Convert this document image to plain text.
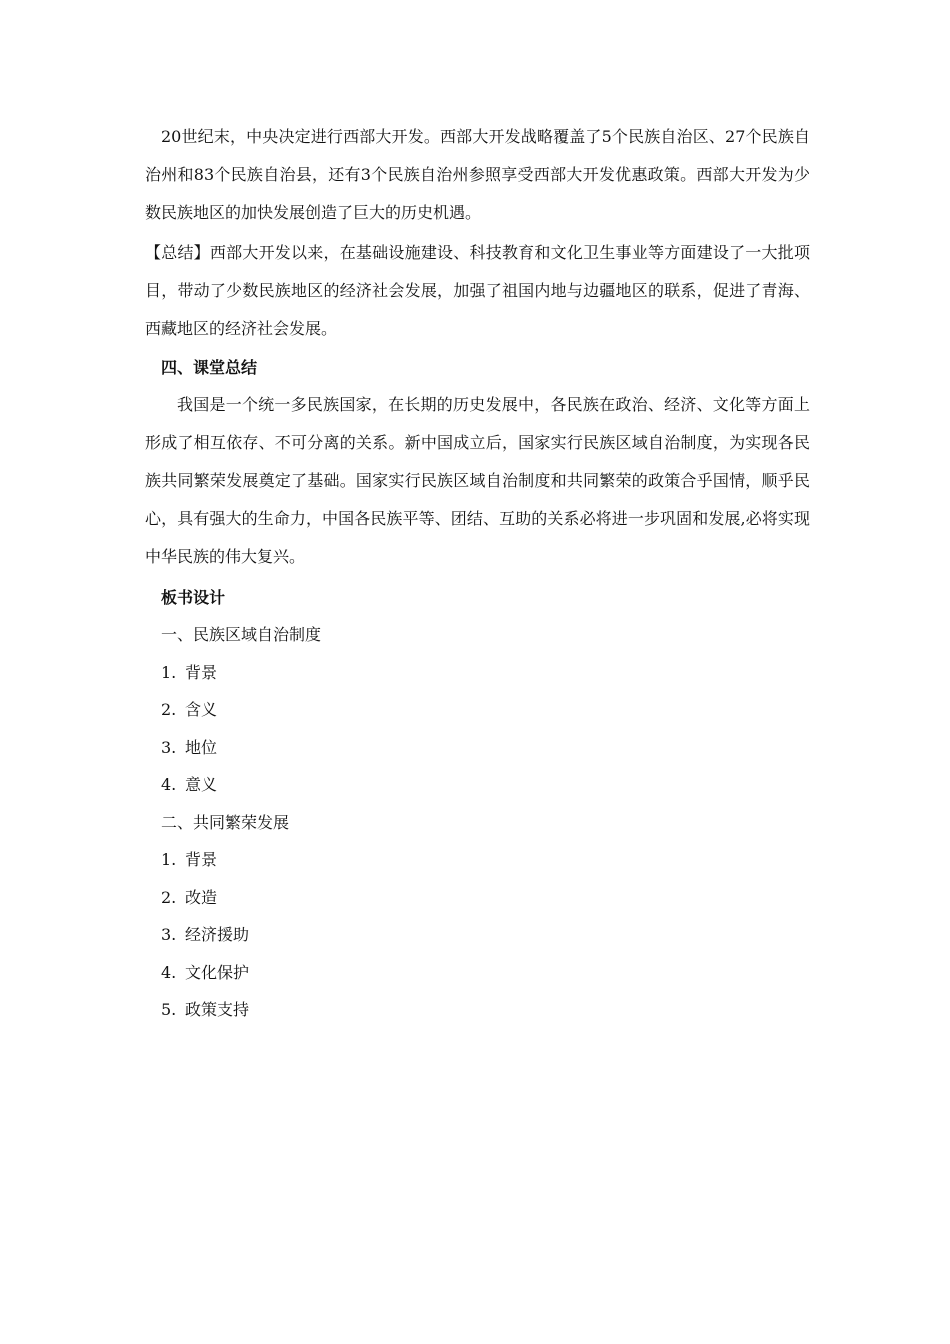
20世纪末，中央决定进行西部大开发。西部大开发战略覆盖了5个民族自治区、27个民族自治州和83个民族自治县，还有3个民族自治州参照享受西部大开发优惠政策。西部大开发为少数民族地区的加快发展创造了巨大的历史机遇。

【总结】西部大开发以来，在基础设施建设、科技教育和文化卫生事业等方面建设了一大批项目，带动了少数民族地区的经济社会发展，加强了祖国内地与边疆地区的联系，促进了青海、西藏地区的经济社会发展。

四、课堂总结

我国是一个统一多民族国家，在长期的历史发展中，各民族在政治、经济、文化等方面上形成了相互依存、不可分离的关系。新中国成立后，国家实行民族区域自治制度，为实现各民族共同繁荣发展奠定了基础。国家实行民族区域自治制度和共同繁荣的政策合乎国情，顺乎民心，具有强大的生命力，中国各民族平等、团结、互助的关系必将进一步巩固和发展,必将实现中华民族的伟大复兴。

板书设计

一、民族区域自治制度

1. 背景

2. 含义

3. 地位

4. 意义

二、共同繁荣发展

1. 背景

2. 改造

3. 经济援助

4. 文化保护

5. 政策支持
